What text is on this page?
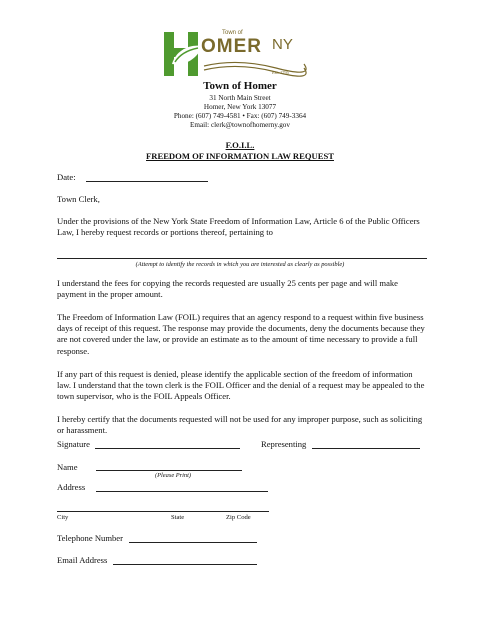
Town of
OMER NY
Est. 1795
Town of Homer
31 North Main Street
Homer, New York 13077
Phone: (607) 749-4581 • Fax: (607) 749-3364
Email: clerk@townofhomerny.gov
F.O.I.L.
FREEDOM OF INFORMATION LAW REQUEST
Date:
Town Clerk,
Under the provisions of the New York State Freedom of Information Law, Article 6 of the Public Officers Law, I hereby request records or portions thereof, pertaining to
(Attempt to identify the records in which you are interested as clearly as possible)
I understand the fees for copying the records requested are usually 25 cents per page and will make payment in the proper amount.
The Freedom of Information Law (FOIL) requires that an agency respond to a request within five business days of receipt of this request. The response may provide the documents, deny the documents because they are not covered under the law, or provide an estimate as to the amount of time necessary to provide a full response.
If any part of this request is denied, please identify the applicable section of the freedom of information law. I understand that the town clerk is the FOIL Officer and the denial of a request may be appealed to the town supervisor, who is the FOIL Appeals Officer.
I hereby certify that the documents requested will not be used for any improper purpose, such as soliciting or harassment.
Signature	Representing
Name
(Please Print)
Address
City	State	Zip Code
Telephone Number
Email Address
